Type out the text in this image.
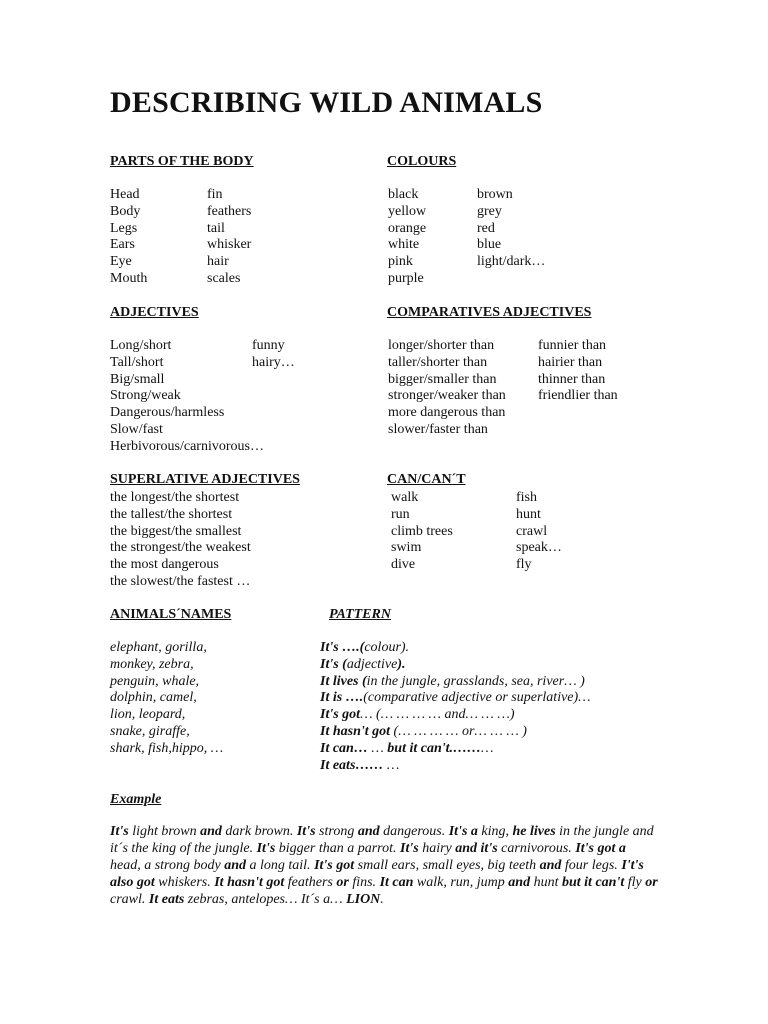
DESCRIBING WILD ANIMALS
PARTS OF THE BODY
Head
Body
Legs
Ears
Eye
Mouth
fin
feathers
tail
whisker
hair
scales
COLOURS
black
yellow
orange
white
pink
purple
brown
grey
red
blue
light/dark…
ADJECTIVES
Long/short
Tall/short
Big/small
Strong/weak
Dangerous/harmless
Slow/fast
Herbivorous/carnivorous…
funny
hairy…
COMPARATIVES ADJECTIVES
longer/shorter than
taller/shorter than
bigger/smaller than
stronger/weaker than
more dangerous than
slower/faster than
funnier than
hairier than
thinner than
friendlier than
SUPERLATIVE ADJECTIVES
the longest/the shortest
the tallest/the shortest
the biggest/the smallest
the strongest/the weakest
the most dangerous
the slowest/the fastest …
CAN/CAN´T
walk
run
climb trees
swim
dive
fish
hunt
crawl
speak…
fly
ANIMALS´NAMES
elephant, gorilla,
monkey, zebra,
penguin, whale,
dolphin, camel,
lion, leopard,
snake, giraffe,
shark, fish,hippo, …
PATTERN
It's ….(colour).
It's (adjective).
It lives (in the jungle, grasslands, sea, river… )
It is ….(comparative adjective or superlative)…
It's got… (… … … … and… … …)
It hasn't got (… … … … or… … … )
It can… … but it can't.………
It eats…… …
Example
It's light brown and dark brown. It's strong and dangerous. It's a king, he lives in the jungle and it´s the king of the jungle. It's bigger than a parrot. It's hairy and it's carnivorous. It's got a head, a strong body and a long tail. It's got small ears, small eyes, big teeth and four legs. I't's also got whiskers. It hasn't got feathers or fins. It can walk, run, jump and hunt but it can't fly or crawl. It eats zebras, antelopes… It´s a… LION.
